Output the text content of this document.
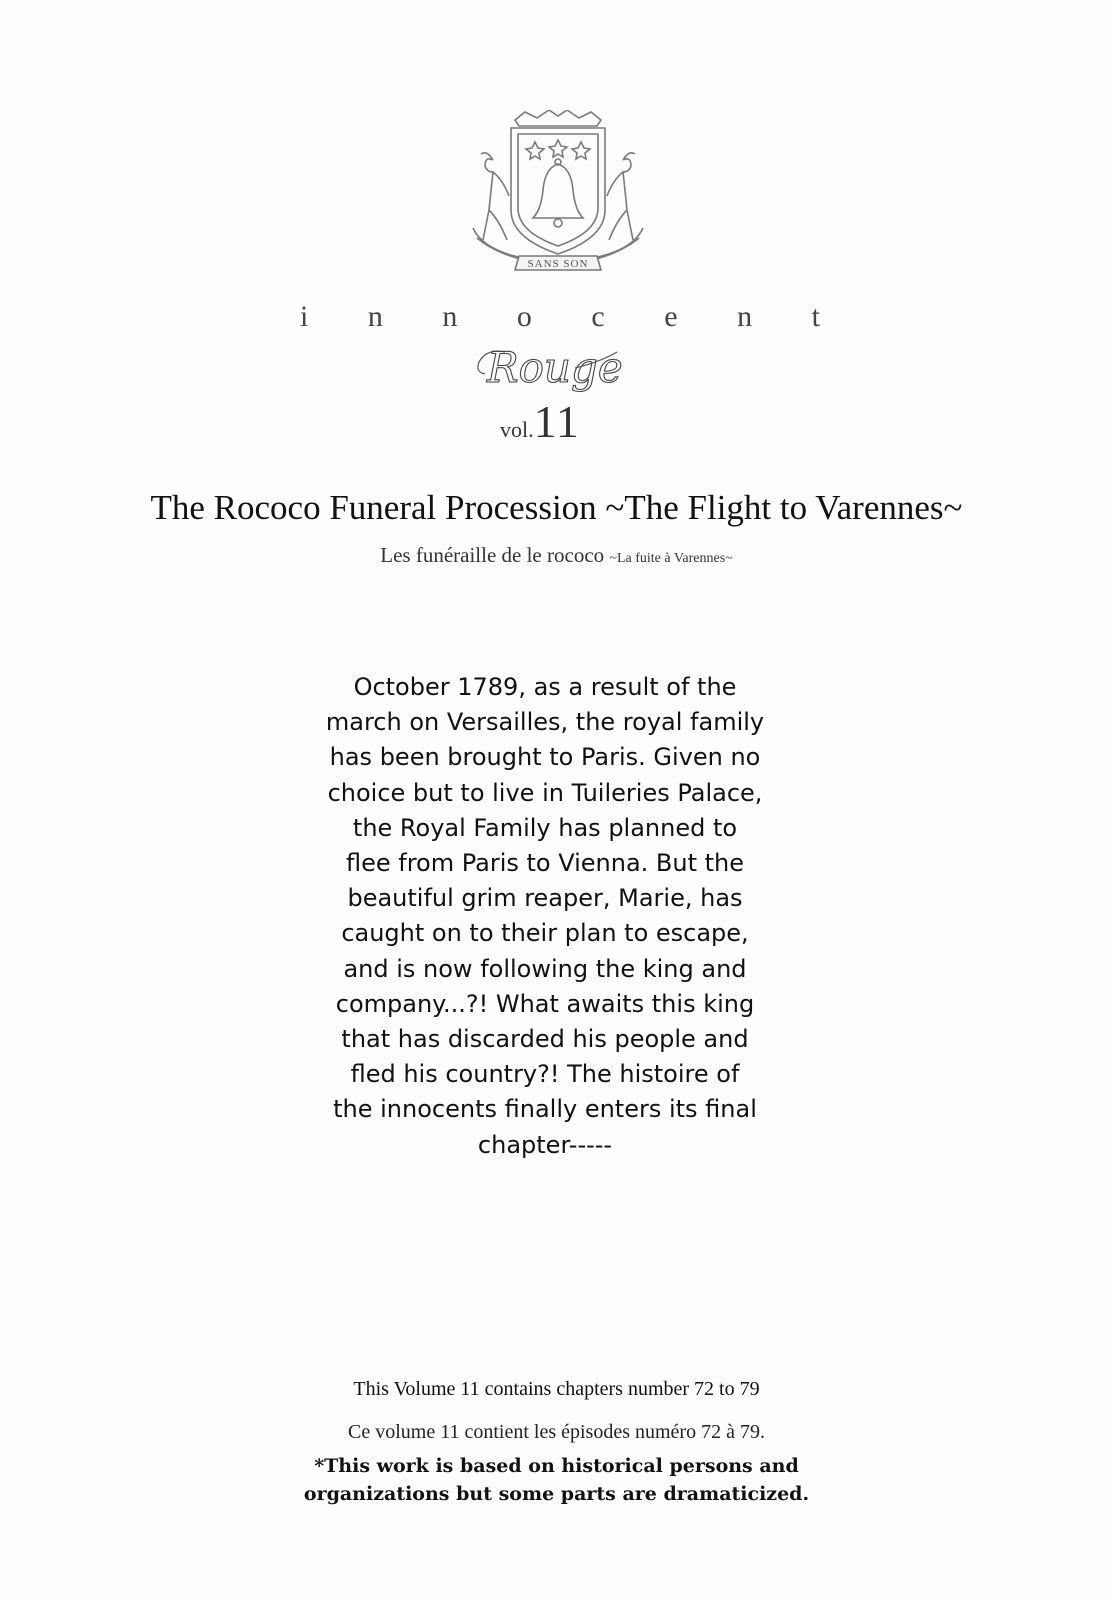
SANS SON
i n n o c e n t
Rouge
vol.11
The Rococo Funeral Procession ~The Flight to Varennes~
Les funéraille de le rococo ~La fuite à Varennes~
October 1789, as a result of the
march on Versailles, the royal family
has been brought to Paris. Given no
choice but to live in Tuileries Palace,
the Royal Family has planned to
flee from Paris to Vienna. But the
beautiful grim reaper, Marie, has
caught on to their plan to escape,
and is now following the king and
company...?! What awaits this king
that has discarded his people and
fled his country?! The histoire of
the innocents finally enters its final
chapter-----
This Volume 11 contains chapters number 72 to 79
Ce volume 11 contient les épisodes numéro 72 à 79.
*This work is based on historical persons and
organizations but some parts are dramaticized.
